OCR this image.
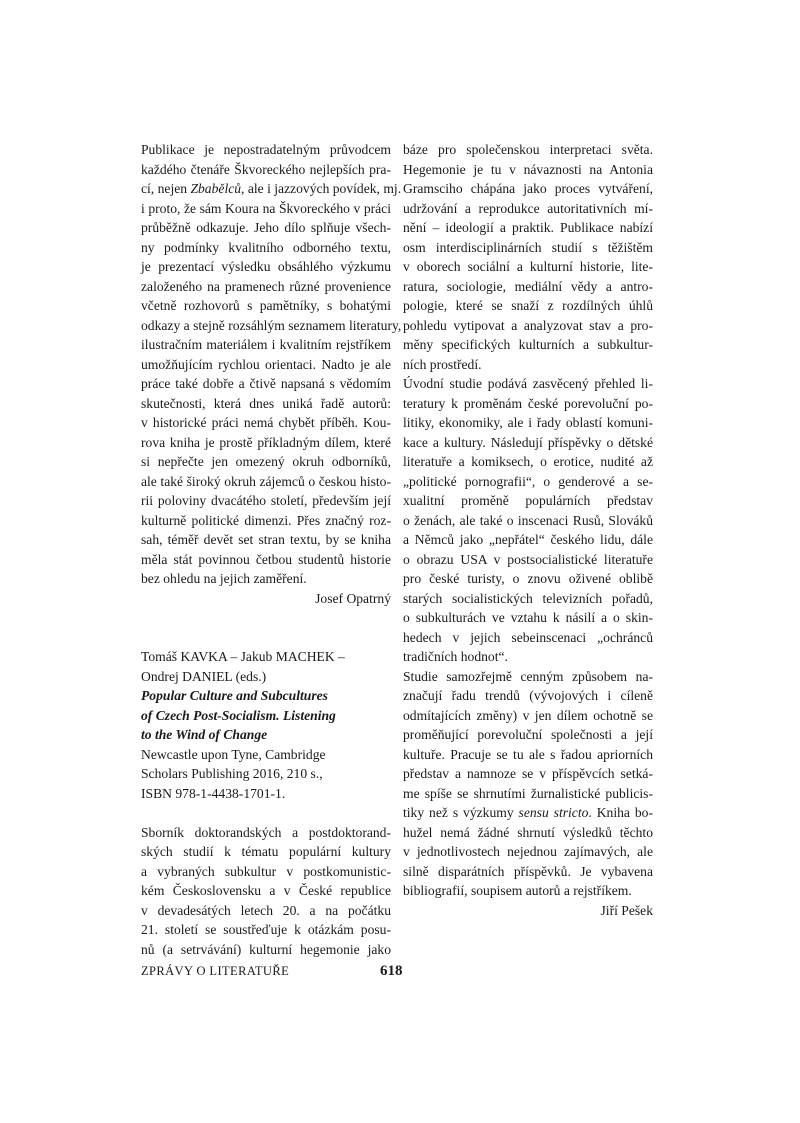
Publikace je nepostradatelným průvodcem
každého čtenáře Škvoreckého nejlepších pra-
cí, nejen Zbabělců, ale i jazzových povídek, mj.
i proto, že sám Koura na Škvoreckého v práci
průběžně odkazuje. Jeho dílo splňuje všech-
ny podmínky kvalitního odborného textu,
je prezentací výsledku obsáhlého výzkumu
založeného na pramenech různé provenience
včetně rozhovorů s pamětníky, s bohatými
odkazy a stejně rozsáhlým seznamem literatury,
ilustračním materiálem i kvalitním rejstříkem
umožňujícím rychlou orientaci. Nadto je ale
práce také dobře a čtivě napsaná s vědomím
skutečnosti, která dnes uniká řadě autorů:
v historické práci nemá chybět příběh. Kou-
rova kniha je prostě příkladným dílem, které
si nepřečte jen omezený okruh odborníků,
ale také široký okruh zájemců o českou histo-
rii poloviny dvacátého století, především její
kulturně politické dimenzi. Přes značný roz-
sah, téměř devět set stran textu, by se kniha
měla stát povinnou četbou studentů historie
bez ohledu na jejich zaměření.
Josef Opatrný
Tomáš KAVKA – Jakub MACHEK –
Ondrej DANIEL (eds.)
Popular Culture and Subcultures
of Czech Post-Socialism. Listening
to the Wind of Change
Newcastle upon Tyne, Cambridge
Scholars Publishing 2016, 210 s.,
ISBN 978-1-4438-1701-1.
Sborník doktorandských a postdoktorand-
ských studií k tématu populární kultury
a vybraných subkultur v postkomunistic-
kém Československu a v České republice
v devadesátých letech 20. a na počátku
21. století se soustřeďuje k otázkám posu-
nů (a setrvávání) kulturní hegemonie jako
báze pro společenskou interpretaci světa.
Hegemonie je tu v návaznosti na Antonia
Gramsciho chápána jako proces vytváření,
udržování a reprodukce autoritativních mí-
nění – ideologií a praktik. Publikace nabízí
osm interdisciplinárních studií s těžištěm
v oborech sociální a kulturní historie, lite-
ratura, sociologie, mediální vědy a antro-
pologie, které se snaží z rozdílných úhlů
pohledu vytipovat a analyzovat stav a pro-
měny specifických kulturních a subkultur-
ních prostředí.
Úvodní studie podává zasvěcený přehled li-
teratury k proměnám české porevoluční po-
litiky, ekonomiky, ale i řady oblastí komuni-
kace a kultury. Následují příspěvky o dětské
literatuře a komiksech, o erotice, nudité až
„politické pornografii“, o genderové a se-
xualitní proměně populárních představ
o ženách, ale také o inscenaci Rusů, Slováků
a Němců jako „nepřátel“ českého lidu, dále
o obrazu USA v postsocialistické literatuře
pro české turisty, o znovu oživené oblibě
starých socialistických televizních pořadů,
o subkulturách ve vztahu k násilí a o skin-
hedech v jejich sebeinscenaci „ochránců
tradičních hodnot“.
Studie samozřejmě cenným způsobem na-
značují řadu trendů (vývojových i cíleně
odmítajících změny) v jen dílem ochotně se
proměňující porevoluční společnosti a její
kultuře. Pracuje se tu ale s řadou apriorních
představ a namnoze se v příspěvcích setká-
me spíše se shrnutími žurnalistické publicis-
tiky než s výzkumy sensu stricto. Kniha bo-
hužel nemá žádné shrnutí výsledků těchto
v jednotlivostech nejednou zajímavých, ale
silně disparátních příspěvků. Je vybavena
bibliografií, soupisem autorů a rejstříkem.
Jiří Pešek
ZPRÁVY O LITERATUŘE	618
